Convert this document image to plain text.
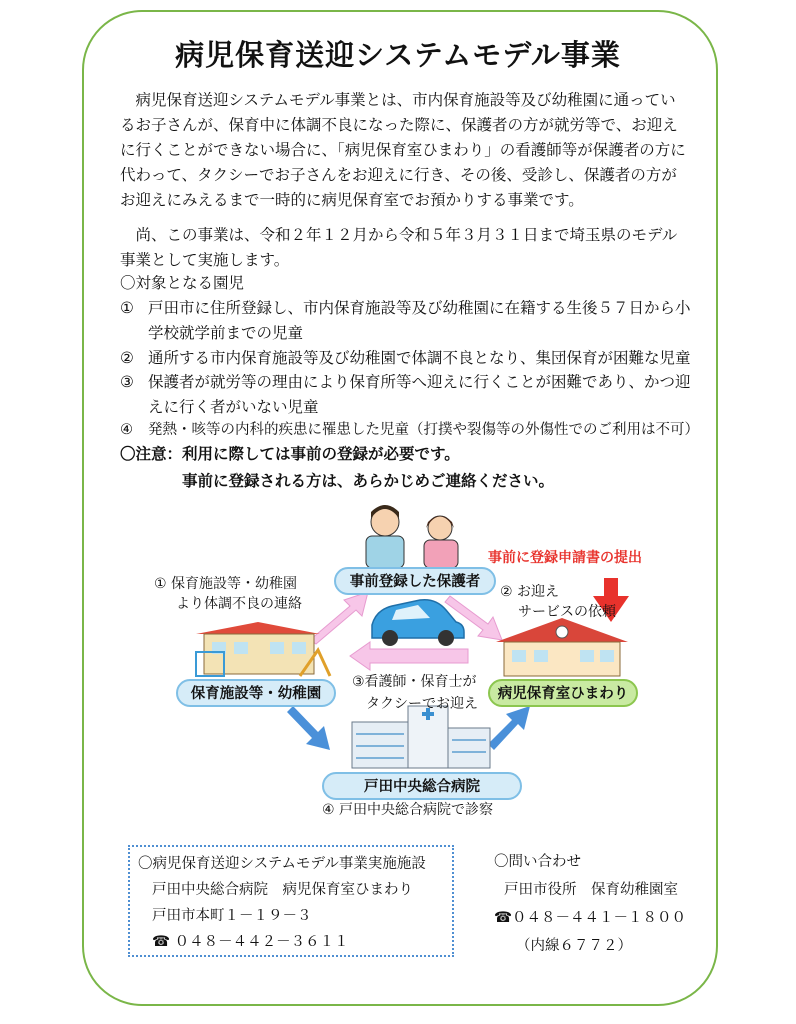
病児保育送迎システムモデル事業

病児保育送迎システムモデル事業とは、市内保育施設等及び幼稚園に通っているお子さんが、保育中に体調不良になった際に、保護者の方が就労等で、お迎えに行くことができない場合に、「病児保育室ひまわり」の看護師等が保護者の方に代わって、タクシーでお子さんをお迎えに行き、その後、受診し、保護者の方がお迎えにみえるまで一時的に病児保育室でお預かりする事業です。

尚、この事業は、令和２年１２月から令和５年３月３１日まで埼玉県のモデル事業として実施します。

〇対象となる園児
① 戸田市に住所登録し、市内保育施設等及び幼稚園に在籍する生後５７日から小学校就学前までの児童
② 通所する市内保育施設等及び幼稚園で体調不良となり、集団保育が困難な児童
③ 保護者が就労等の理由により保育所等へ迎えに行くことが困難であり、かつ迎えに行く者がいない児童
④ 発熱・咳等の内科的疾患に罹患した児童（打撲や裂傷等の外傷性でのご利用は不可）
〇注意：利用に際しては事前の登録が必要です。
事前に登録される方は、あらかじめご連絡ください。
事前登録した保護者
事前に登録申請書の提出
① 保育施設等・幼稚園
より体調不良の連絡
② お迎え
サービスの依頼
保育施設等・幼稚園
③看護師・保育士が
タクシーでお迎え
病児保育室ひまわり
戸田中央総合病院
④ 戸田中央総合病院で診察
〇病児保育送迎システムモデル事業実施施設
戸田中央総合病院　病児保育室ひまわり
戸田市本町１－１９－３
☎ ０４８－４４２－３６１１
〇問い合わせ
戸田市役所　保育幼稚園室
☎０４８－４４１－１８００
（内線６７７２）
